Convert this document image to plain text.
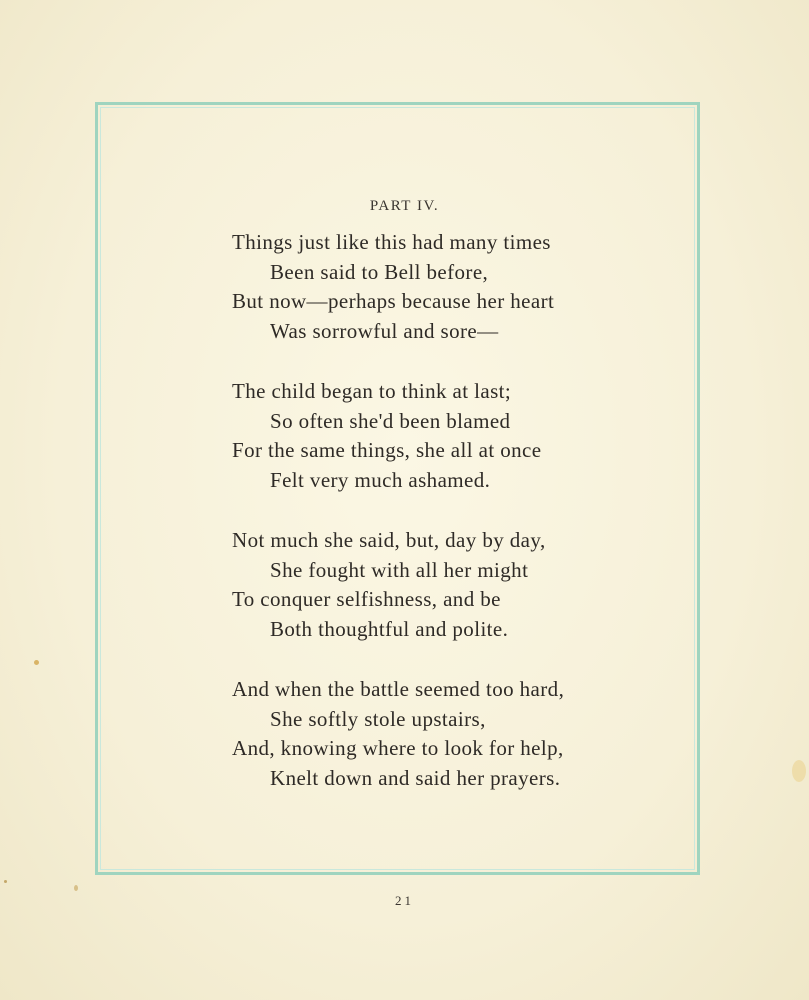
PART IV.
Things just like this had many times
Been said to Bell before,
But now—perhaps because her heart
Was sorrowful and sore—
The child began to think at last;
So often she'd been blamed
For the same things, she all at once
Felt very much ashamed.
Not much she said, but, day by day,
She fought with all her might
To conquer selfishness, and be
Both thoughtful and polite.
And when the battle seemed too hard,
She softly stole upstairs,
And, knowing where to look for help,
Knelt down and said her prayers.
21
